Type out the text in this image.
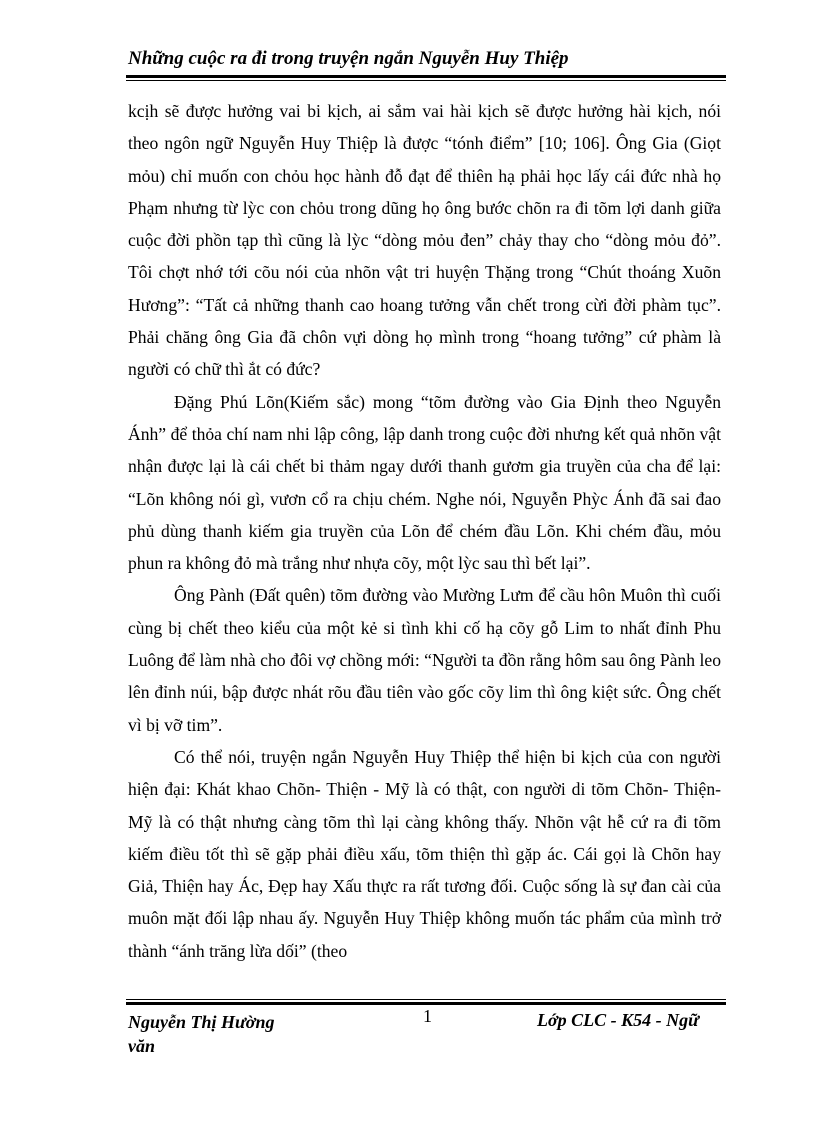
Những cuộc ra đi trong truyện ngắn Nguyễn Huy Thiệp

kcịh sẽ được hưởng vai bi kịch, ai sắm vai hài kịch sẽ được hưởng hài kịch, nói theo ngôn ngữ Nguyễn Huy Thiệp là được “tónh điểm” [10; 106]. Ông Gia (Giọt mỏu) chỉ muốn con chỏu học hành đỗ đạt để thiên hạ phải học lấy cái đức nhà họ Phạm nhưng từ lỳc con chỏu trong dũng họ ông bước chõn ra đi tõm lợi danh giữa cuộc đời phồn tạp thì cũng là lỳc “dòng mỏu đen” chảy thay cho “dòng mỏu đỏ”. Tôi chợt nhớ tới cõu nói của nhõn vật tri huyện Thặng trong “Chút thoáng Xuõn Hương”: “Tất cả những thanh cao hoang tưởng vẫn chết trong cừi đời phàm tục”. Phải chăng ông Gia đã chôn vựi dòng họ mình trong “hoang tưởng” cứ phàm là người có chữ thì ắt có đức?

Đặng Phú Lõn(Kiếm sắc) mong “tõm đường vào Gia Định theo Nguyễn Ánh” để thỏa chí nam nhi lập công, lập danh trong cuộc đời nhưng kết quả nhõn vật nhận được lại là cái chết bi thảm ngay dưới thanh gươm gia truyền của cha để lại: “Lõn không nói gì, vươn cổ ra chịu chém. Nghe nói, Nguyễn Phỳc Ánh đã sai đao phủ dùng thanh kiếm gia truyền của Lõn để chém đầu Lõn. Khi chém đầu, mỏu phun ra không đỏ mà trắng như nhựa cõy, một lỳc sau thì bết lại”.

Ông Pành (Đất quên) tõm đường vào Mường Lưm để cầu hôn Muôn thì cuối cùng bị chết theo kiểu của một kẻ si tình khi cố hạ cõy gỗ Lim to nhất đỉnh Phu Luông để làm nhà cho đôi vợ chồng mới: “Người ta đồn rằng hôm sau ông Pành leo lên đỉnh núi, bập được nhát rõu đầu tiên vào gốc cõy lim thì ông kiệt sức. Ông chết vì bị vỡ tim”.

Có thể nói, truyện ngắn Nguyễn Huy Thiệp thể hiện bi kịch của con người hiện đại: Khát khao Chõn- Thiện - Mỹ là có thật, con người di tõm Chõn- Thiện- Mỹ là có thật nhưng càng tõm thì lại càng không thấy. Nhõn vật hễ cứ ra đi tõm kiếm điều tốt thì sẽ gặp phải điều xấu, tõm thiện thì gặp ác. Cái gọi là Chõn hay Giả, Thiện hay Ác, Đẹp hay Xấu thực ra rất tương đối. Cuộc sống là sự đan cài của muôn mặt đối lập nhau ấy. Nguyễn Huy Thiệp không muốn tác phẩm của mình trở thành “ánh trăng lừa dối” (theo

Nguyễn Thị Hường
văn
1	Lớp CLC - K54 - Ngữ
